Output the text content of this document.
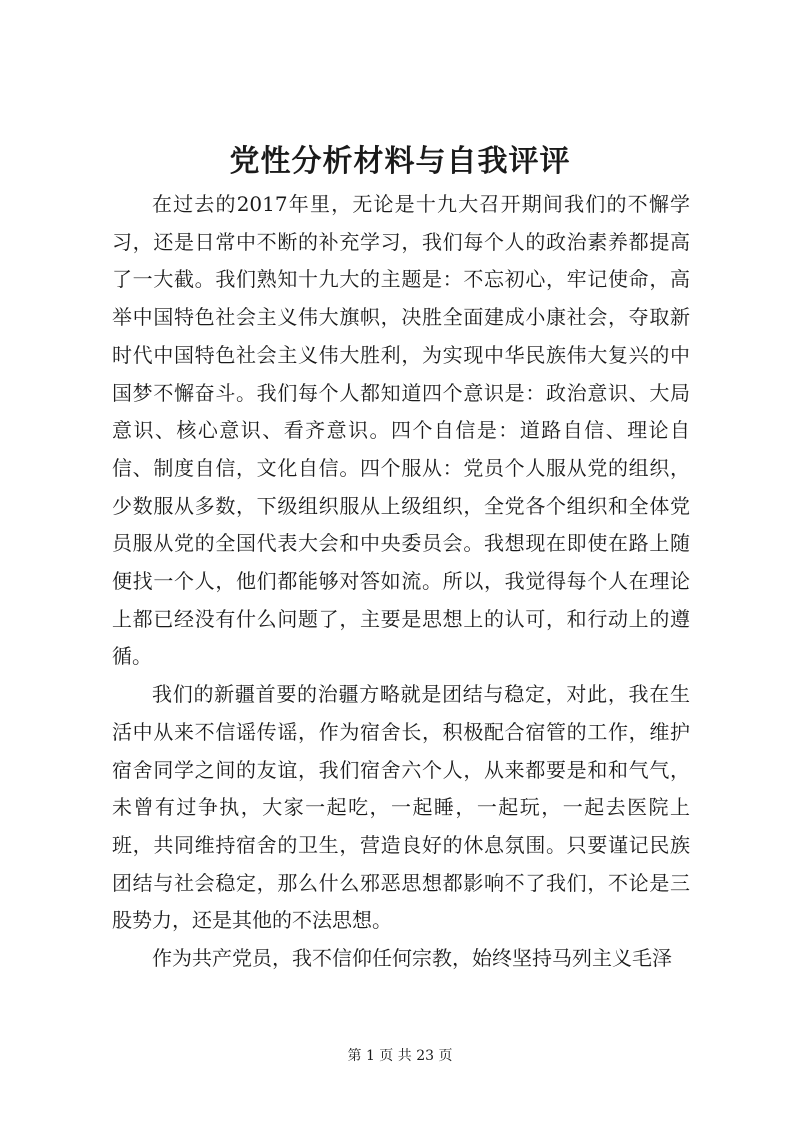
党性分析材料与自我评评

在过去的2017年里，无论是十九大召开期间我们的不懈学习，还是日常中不断的补充学习，我们每个人的政治素养都提高了一大截。我们熟知十九大的主题是：不忘初心，牢记使命，高举中国特色社会主义伟大旗帜，决胜全面建成小康社会，夺取新时代中国特色社会主义伟大胜利，为实现中华民族伟大复兴的中国梦不懈奋斗。我们每个人都知道四个意识是：政治意识、大局意识、核心意识、看齐意识。四个自信是：道路自信、理论自信、制度自信，文化自信。四个服从：党员个人服从党的组织，少数服从多数，下级组织服从上级组织，全党各个组织和全体党员服从党的全国代表大会和中央委员会。我想现在即使在路上随便找一个人，他们都能够对答如流。所以，我觉得每个人在理论上都已经没有什么问题了，主要是思想上的认可，和行动上的遵循。

我们的新疆首要的治疆方略就是团结与稳定，对此，我在生活中从来不信谣传谣，作为宿舍长，积极配合宿管的工作，维护宿舍同学之间的友谊，我们宿舍六个人，从来都要是和和气气，未曾有过争执，大家一起吃，一起睡，一起玩，一起去医院上班，共同维持宿舍的卫生，营造良好的休息氛围。只要谨记民族团结与社会稳定，那么什么邪恶思想都影响不了我们，不论是三股势力，还是其他的不法思想。

作为共产党员，我不信仰任何宗教，始终坚持马列主义毛泽

第 1 页 共 23 页
